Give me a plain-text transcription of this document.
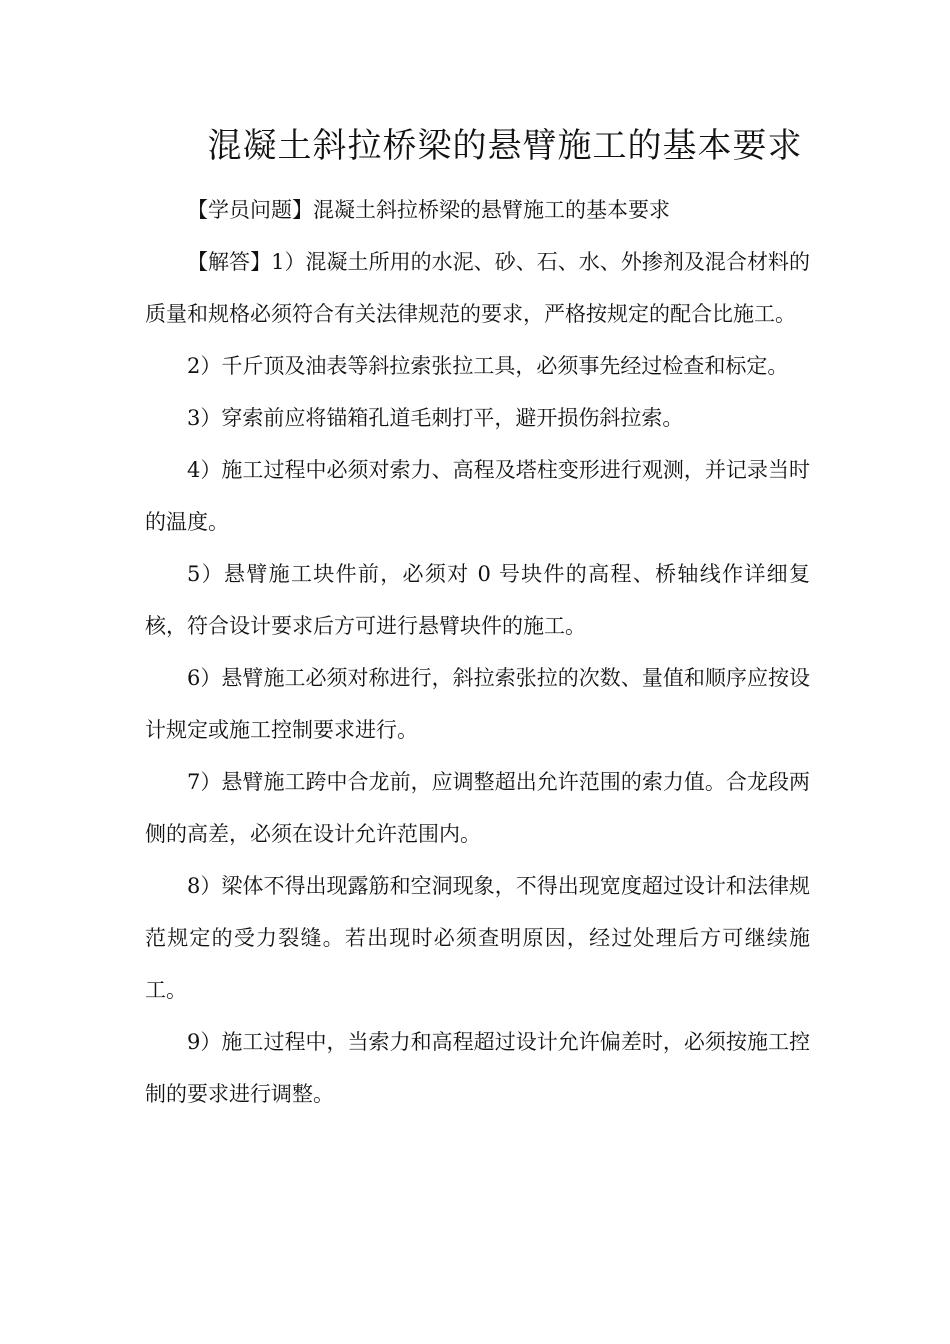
混凝土斜拉桥梁的悬臂施工的基本要求

【学员问题】混凝土斜拉桥梁的悬臂施工的基本要求

【解答】1）混凝土所用的水泥、砂、石、水、外掺剂及混合材料的质量和规格必须符合有关法律规范的要求，严格按规定的配合比施工。

2）千斤顶及油表等斜拉索张拉工具，必须事先经过检查和标定。

3）穿索前应将锚箱孔道毛刺打平，避开损伤斜拉索。

4）施工过程中必须对索力、高程及塔柱变形进行观测，并记录当时的温度。

5）悬臂施工块件前，必须对 0 号块件的高程、桥轴线作详细复核，符合设计要求后方可进行悬臂块件的施工。

6）悬臂施工必须对称进行，斜拉索张拉的次数、量值和顺序应按设计规定或施工控制要求进行。

7）悬臂施工跨中合龙前，应调整超出允许范围的索力值。合龙段两侧的高差，必须在设计允许范围内。

8）梁体不得出现露筋和空洞现象，不得出现宽度超过设计和法律规范规定的受力裂缝。若出现时必须查明原因，经过处理后方可继续施工。

9）施工过程中，当索力和高程超过设计允许偏差时，必须按施工控制的要求进行调整。
